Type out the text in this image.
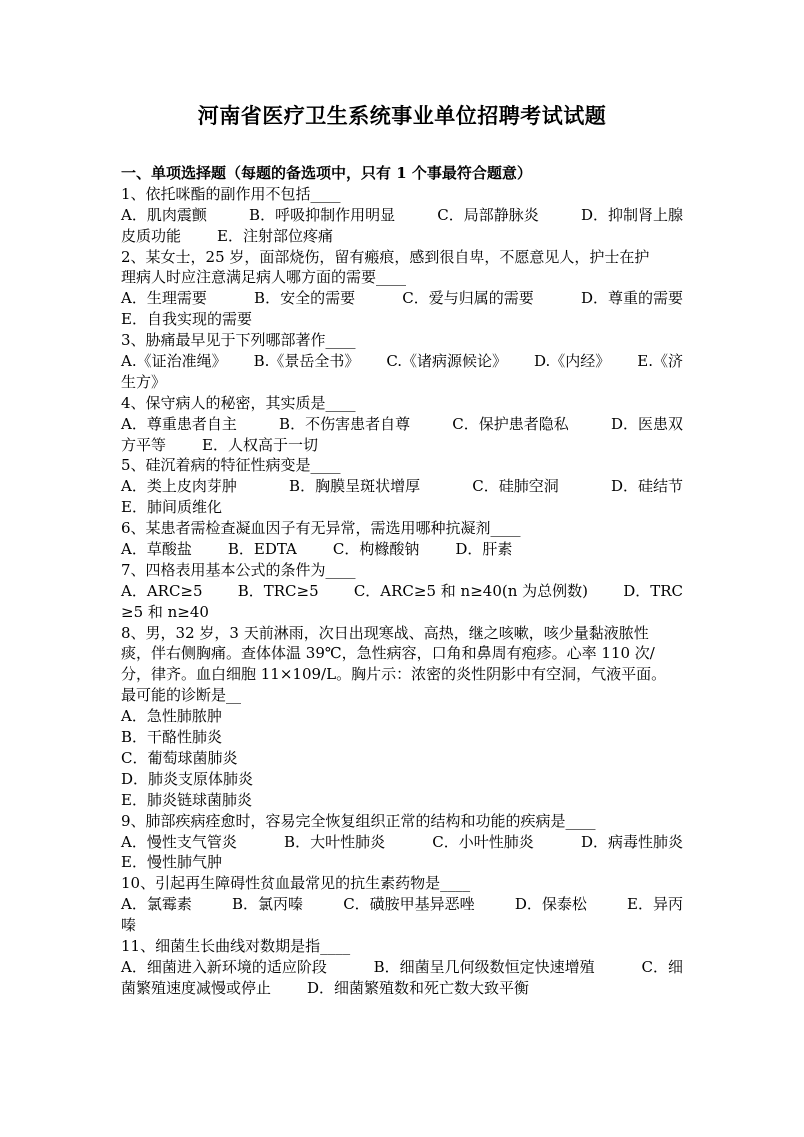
河南省医疗卫生系统事业单位招聘考试试题
一、单项选择题（每题的备选项中，只有 1 个事最符合题意）
1、依托咪酯的副作用不包括____
A．肌肉震颤	B．呼吸抑制作用明显	C．局部静脉炎	D．抑制肾上腺
皮质功能 E．注射部位疼痛
2、某女士，25 岁，面部烧伤，留有瘢痕，感到很自卑，不愿意见人，护士在护
理病人时应注意满足病人哪方面的需要____
A．生理需要	B．安全的需要	C．爱与归属的需要	D．尊重的需要
E．自我实现的需要
3、胁痛最早见于下列哪部著作____
A.《证治准绳》 B.《景岳全书》 C.《诸病源候论》 D.《内经》 E.《济
生方》
4、保守病人的秘密，其实质是____
A．尊重患者自主	B．不伤害患者自尊	C．保护患者隐私	D．医患双
方平等 E．人权高于一切
5、硅沉着病的特征性病变是____
A．类上皮肉芽肿	B．胸膜呈斑状增厚	C．硅肺空洞	D．硅结节
E．肺间质维化
6、某患者需检查凝血因子有无异常，需选用哪种抗凝剂____
A．草酸盐 B．EDTA C．枸橼酸钠 D．肝素
7、四格表用基本公式的条件为____
A．ARC≥5 B．TRC≥5 C．ARC≥5 和 n≥40(n 为总例数) D．TRC
≥5 和 n≥40
8、男，32 岁，3 天前淋雨，次日出现寒战、高热，继之咳嗽，咳少量黏液脓性
痰，伴右侧胸痛。查体体温 39℃，急性病容，口角和鼻周有疱疹。心率 110 次/
分，律齐。血白细胞 11×109/L。胸片示：浓密的炎性阴影中有空洞，气液平面。
最可能的诊断是__
A．急性肺脓肿
B．干酪性肺炎
C．葡萄球菌肺炎
D．肺炎支原体肺炎
E．肺炎链球菌肺炎
9、肺部疾病痊愈时，容易完全恢复组织正常的结构和功能的疾病是____
A．慢性支气管炎	B．大叶性肺炎	C．小叶性肺炎	D．病毒性肺炎
E．慢性肺气肿
10、引起再生障碍性贫血最常见的抗生素药物是____
A．氯霉素	B．氯丙嗪	C．磺胺甲基异恶唑	D．保泰松	E．异丙
嗪
11、细菌生长曲线对数期是指____
A．细菌进入新环境的适应阶段	B．细菌呈几何级数恒定快速增殖	C．细
菌繁殖速度减慢或停止 D．细菌繁殖数和死亡数大致平衡
